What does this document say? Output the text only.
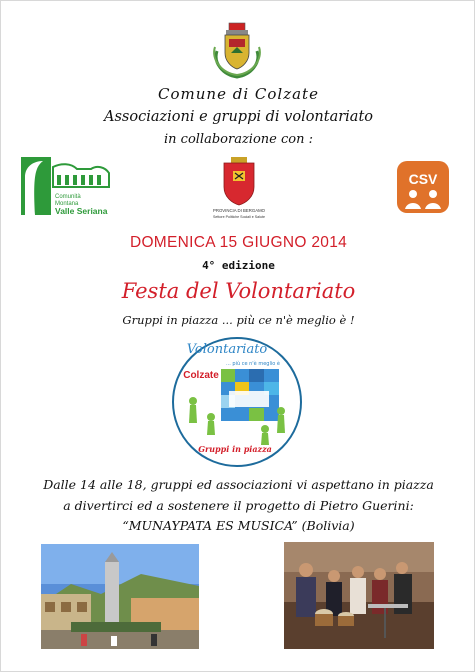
Comune di Colzate
Associazioni e gruppi di volontariato
in collaborazione con :
Comunità
Montana
Valle Seriana	PROVINCIA DI BERGAMO
Settore Politiche Sociali e Salute
CSV
DOMENICA 15 GIUGNO 2014
4° edizione
Festa del Volontariato
Gruppi in piazza ... più ce n'è meglio è !
Volontariato
... più ce n'è meglio è
Colzate
Gruppi in piazza
Dalle 14 alle 18, gruppi ed associazioni vi aspettano in piazza
a divertirci ed a sostenere il progetto di Pietro Guerini:
“MUNAYPATA ES MUSICA” (Bolivia)
